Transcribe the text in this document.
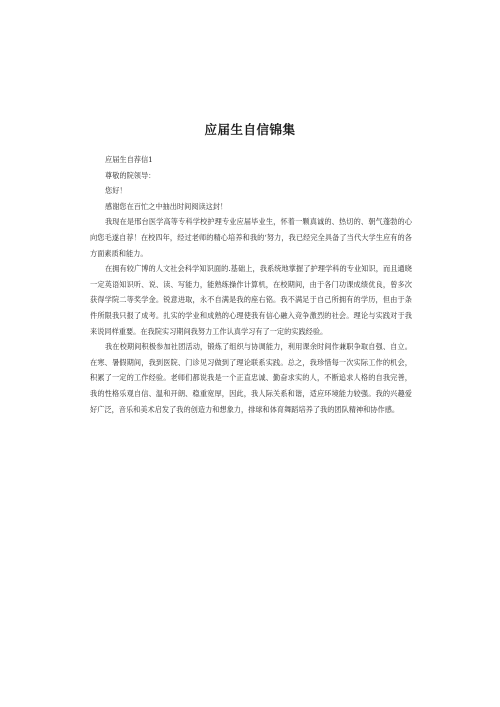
应届生自信锦集

应届生自荐信1

尊敬的院领导：

您好！

感谢您在百忙之中抽出时间阅读这封！

我现在是邢台医学高等专科学校护理专业应届毕业生，怀着一颗真诚的、热切的、朝气蓬勃的心向您毛遂自荐！在校四年，经过老师的精心培养和我的‘努力，我已经完全具备了当代大学生应有的各方面素质和能力。

在拥有较广博的人文社会科学知识面的.基础上，我系统地掌握了护理学科的专业知识，而且通晓一定英语知识听、说、读、写能力，能熟练操作计算机，在校期间，由于各门功课成绩优良，曾多次获得学院二等奖学金。锐意进取，永不自满是我的座右铭。我不满足于自己所拥有的学历，但由于条件所限我只报了成考。扎实的学业和成熟的心理使我有信心融入竞争激烈的社会。理论与实践对于我来说同样重要。在我院实习期间我努力工作认真学习有了一定的实践经验。

我在校期间积极参加社团活动，锻炼了组织与协调能力，利用课余时间作兼职争取自强、自立。在寒、暑假期间，我到医院、门诊见习做到了理论联系实践。总之，我珍惜每一次实际工作的机会，积累了一定的工作经验。老师们都说我是一个正直忠诚、勤奋求实的人，不断追求人格的自我完善，我的性格乐观自信、温和开朗、稳重宽厚，因此，我人际关系和谐，适应环境能力较强。我的兴趣爱好广泛，音乐和美术启发了我的创造力和想象力，排球和体育舞蹈培养了我的团队精神和协作感。
